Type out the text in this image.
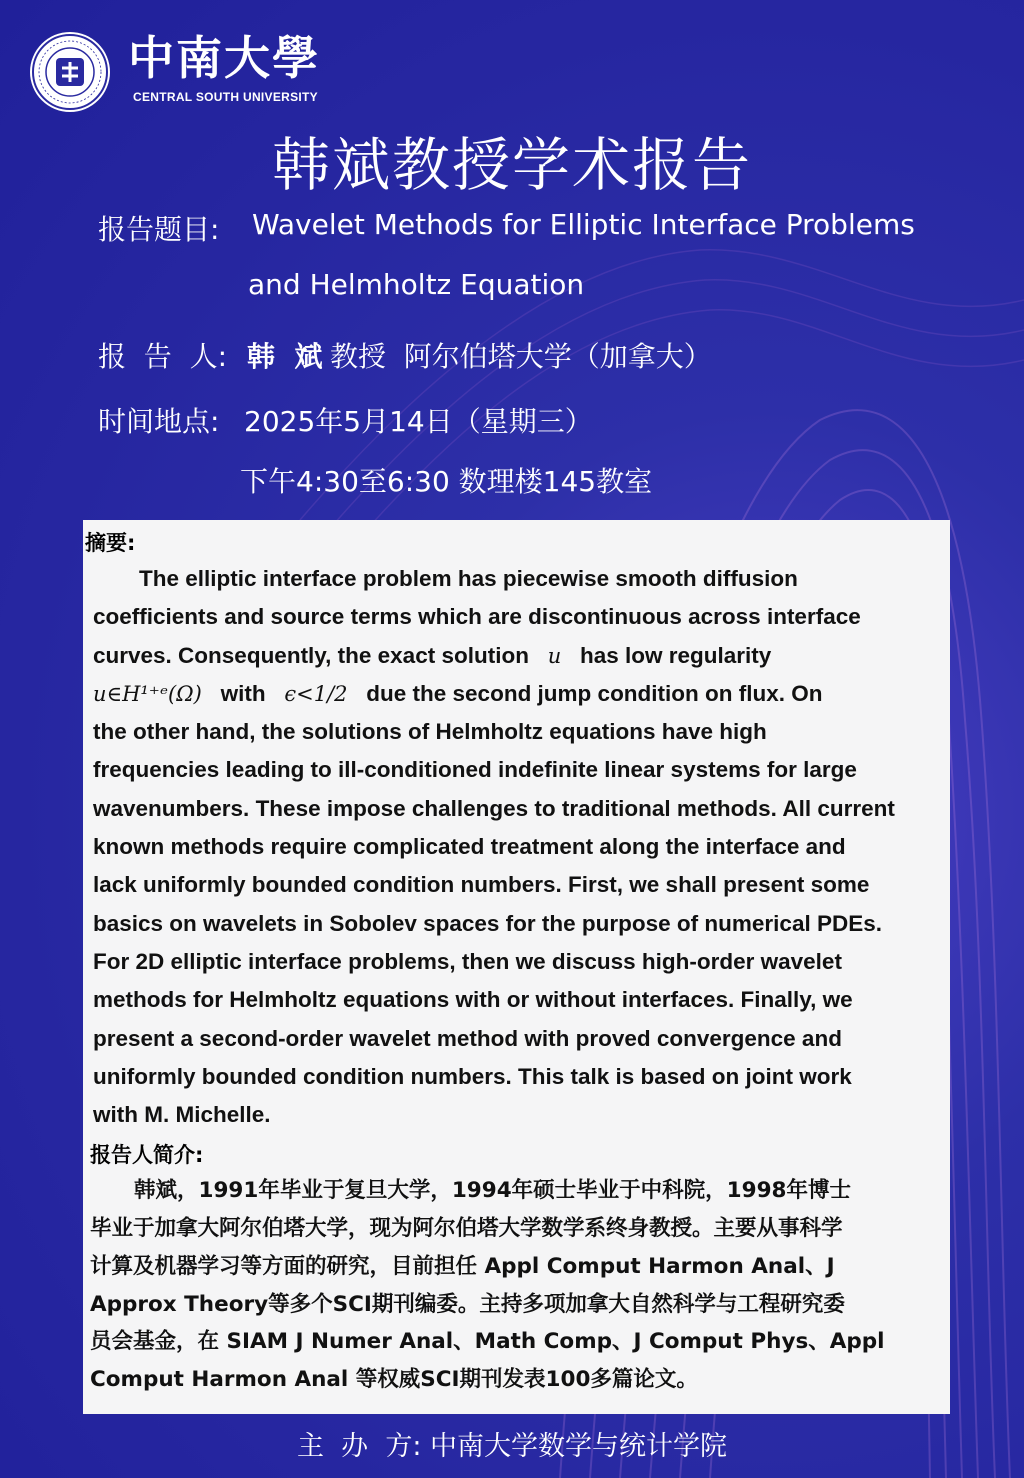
中南大學
CENTRAL SOUTH UNIVERSITY
韩斌教授学术报告
报告题目: Wavelet Methods for Elliptic Interface Problems
and Helmholtz Equation
报  告  人: 韩  斌 教授  阿尔伯塔大学（加拿大）
时间地点: 2025年5月14日（星期三）
下午4:30至6:30 数理楼145教室
摘要:
The elliptic interface problem has piecewise smooth diffusion
coefficients and source terms which are discontinuous across interface
curves. Consequently, the exact solution u has low regularity
u∈H¹⁺ᵉ(Ω) with ϵ<1/2 due the second jump condition on flux. On
the other hand, the solutions of Helmholtz equations have high
frequencies leading to ill-conditioned indefinite linear systems for large
wavenumbers. These impose challenges to traditional methods. All current
known methods require complicated treatment along the interface and
lack uniformly bounded condition numbers. First, we shall present some
basics on wavelets in Sobolev spaces for the purpose of numerical PDEs.
For 2D elliptic interface problems, then we discuss high-order wavelet
methods for Helmholtz equations with or without interfaces. Finally, we
present a second-order wavelet method with proved convergence and
uniformly bounded condition numbers. This talk is based on joint work
with M. Michelle.
报告人简介:
韩斌，1991年毕业于复旦大学，1994年硕士毕业于中科院，1998年博士
毕业于加拿大阿尔伯塔大学，现为阿尔伯塔大学数学系终身教授。主要从事科学
计算及机器学习等方面的研究，目前担任 Appl Comput Harmon Anal、J
Approx Theory等多个SCI期刊编委。主持多项加拿大自然科学与工程研究委
员会基金，在 SIAM J Numer Anal、Math Comp、J Comput Phys、Appl
Comput Harmon Anal 等权威SCI期刊发表100多篇论文。
主  办  方: 中南大学数学与统计学院
